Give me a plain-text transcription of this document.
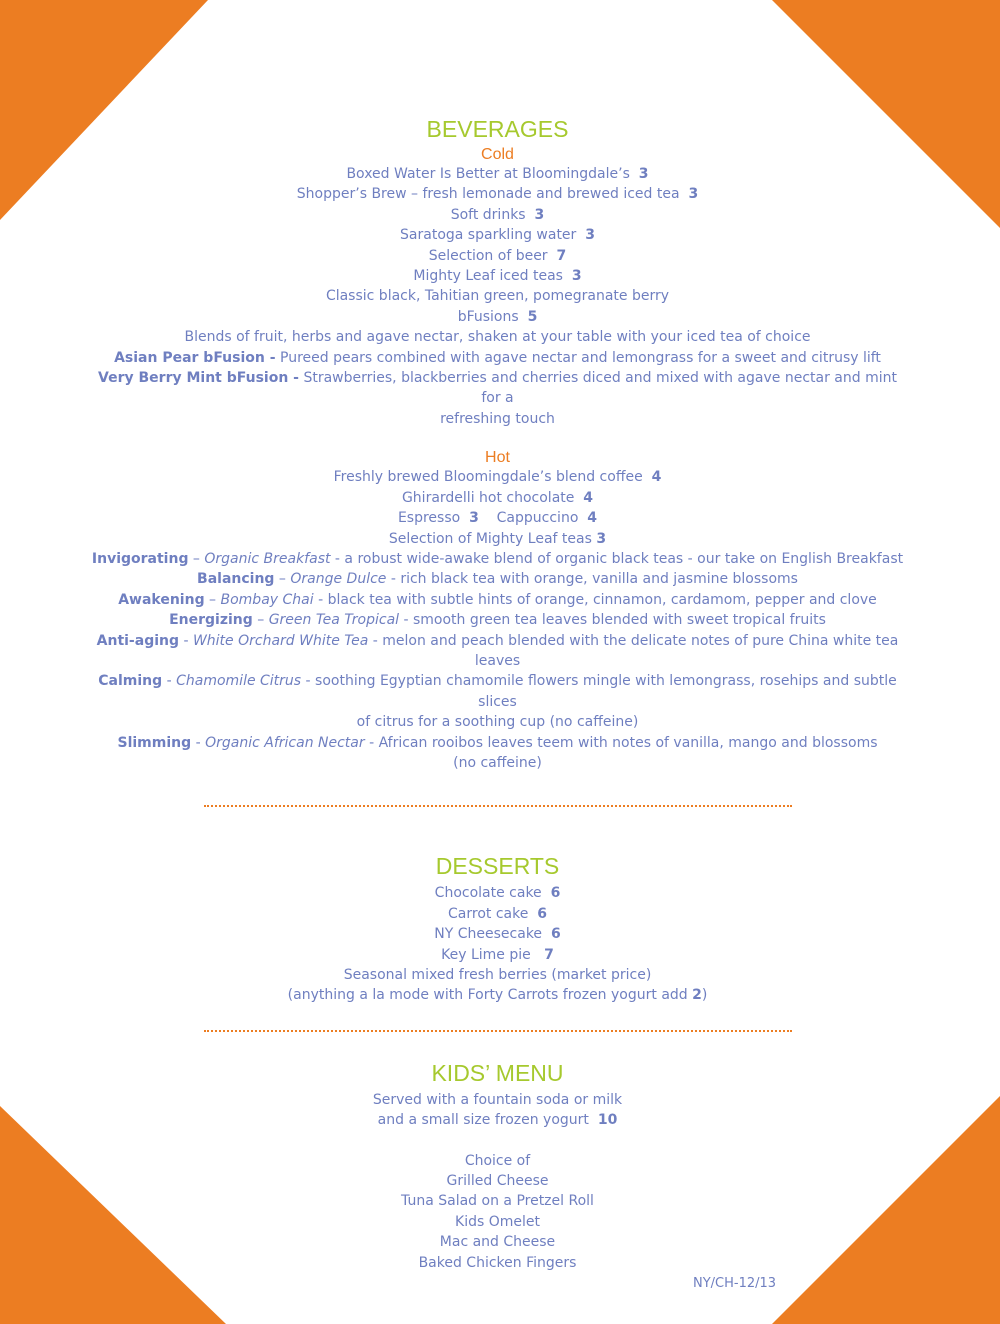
BEVERAGES
Cold
Boxed Water Is Better at Bloomingdale’s 3
Shopper’s Brew – fresh lemonade and brewed iced tea 3
Soft drinks 3
Saratoga sparkling water 3
Selection of beer 7
Mighty Leaf iced teas 3
Classic black, Tahitian green, pomegranate berry
bFusions 5
Blends of fruit, herbs and agave nectar, shaken at your table with your iced tea of choice
Asian Pear bFusion - Pureed pears combined with agave nectar and lemongrass for a sweet and citrusy lift
Very Berry Mint bFusion - Strawberries, blackberries and cherries diced and mixed with agave nectar and mint for a
refreshing touch
Hot
Freshly brewed Bloomingdale’s blend coffee 4
Ghirardelli hot chocolate 4
Espresso 3 Cappuccino 4
Selection of Mighty Leaf teas 3
Invigorating – Organic Breakfast - a robust wide-awake blend of organic black teas - our take on English Breakfast
Balancing – Orange Dulce - rich black tea with orange, vanilla and jasmine blossoms
Awakening – Bombay Chai - black tea with subtle hints of orange, cinnamon, cardamom, pepper and clove
Energizing – Green Tea Tropical - smooth green tea leaves blended with sweet tropical fruits
Anti-aging - White Orchard White Tea - melon and peach blended with the delicate notes of pure China white tea leaves
Calming - Chamomile Citrus - soothing Egyptian chamomile flowers mingle with lemongrass, rosehips and subtle slices
of citrus for a soothing cup (no caffeine)
Slimming - Organic African Nectar - African rooibos leaves teem with notes of vanilla, mango and blossoms
(no caffeine)
DESSERTS
Chocolate cake 6
Carrot cake 6
NY Cheesecake 6
Key Lime pie 7
Seasonal mixed fresh berries (market price)
(anything a la mode with Forty Carrots frozen yogurt add 2)
KIDS’ MENU
Served with a fountain soda or milk
and a small size frozen yogurt 10
Choice of
Grilled Cheese
Tuna Salad on a Pretzel Roll
Kids Omelet
Mac and Cheese
Baked Chicken Fingers
NY/CH-12/13
